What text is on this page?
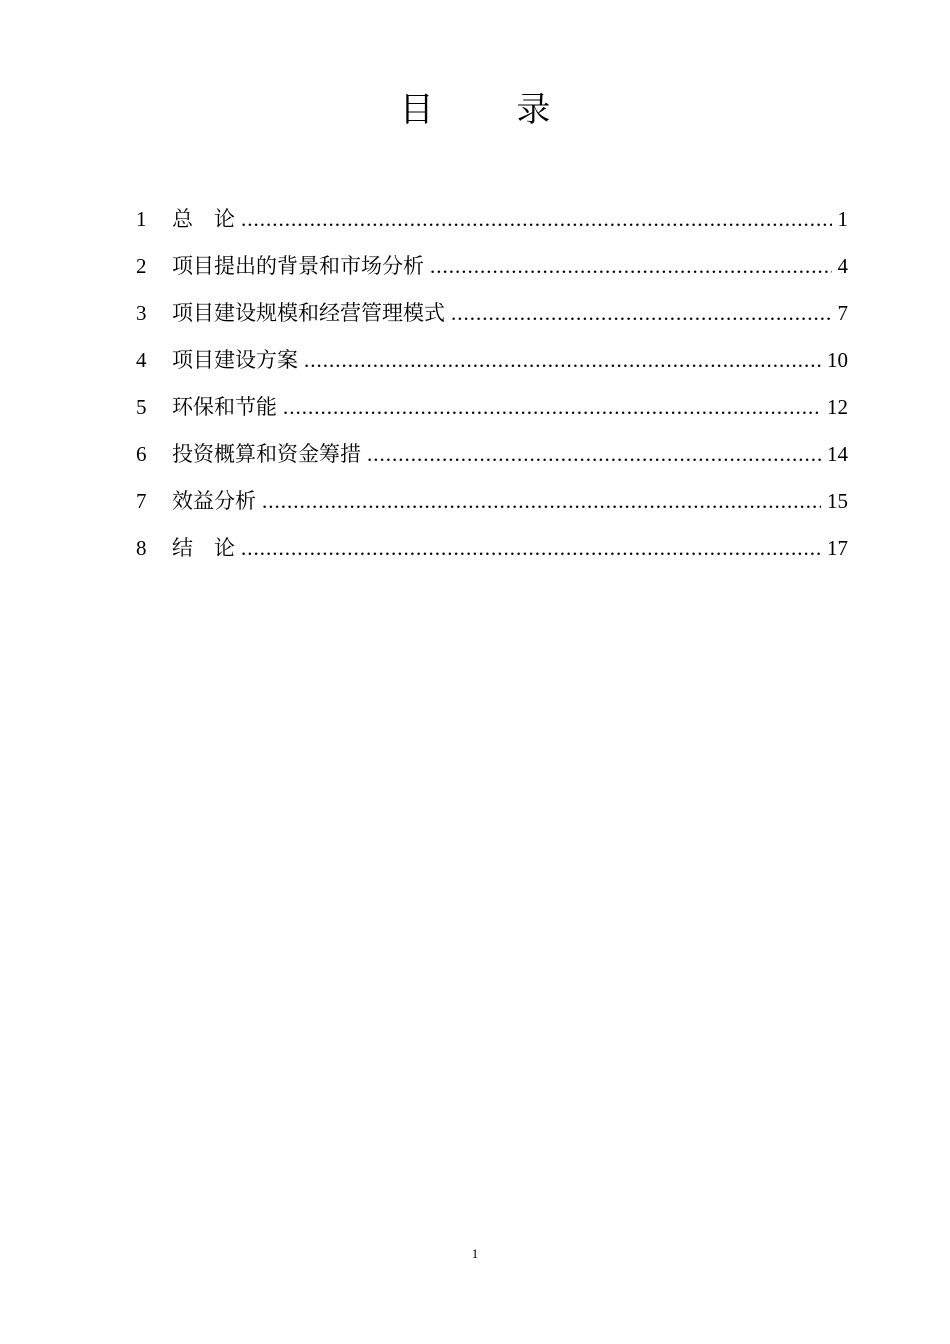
目 录
1	总　论 .....	1
2	项目提出的背景和市场分析 .....	4
3	项目建设规模和经营管理模式 .....	7
4	项目建设方案 .....	10
5	环保和节能 .....	12
6	投资概算和资金筹措 .....	14
7	效益分析 .....	15
8	结　论 .....	17
1
